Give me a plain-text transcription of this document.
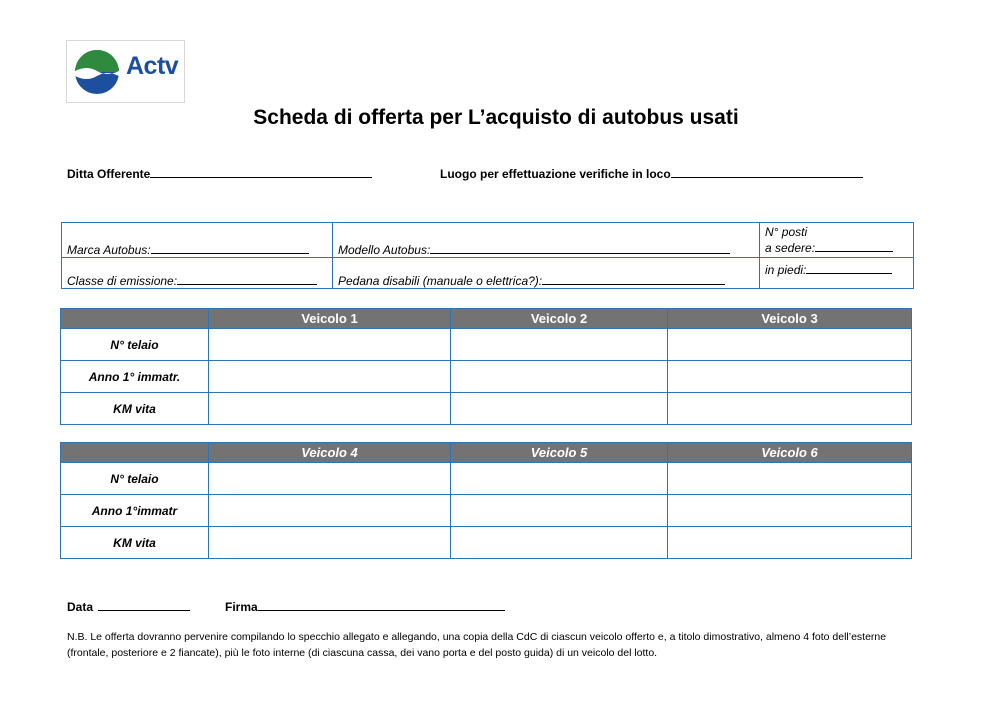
Actv
Scheda di offerta per L’acquisto di autobus usati
Ditta Offerente	Luogo per effettuazione verifiche in loco
Marca Autobus:	Modello Autobus:	N° posti
a sedere:

Classe di emissione:	Pedana disabili (manuale o elettrica?):	in piedi:
	Veicolo 1	Veicolo 2	Veicolo 3
N° telaio			
Anno 1° immatr.			
KM vita			
	Veicolo 4	Veicolo 5	Veicolo 6
N° telaio			
Anno 1°immatr			
KM vita			
Data	Firma

N.B. Le offerta dovranno pervenire compilando lo specchio allegato e allegando, una copia della CdC di ciascun veicolo offerto e, a titolo dimostrativo, almeno 4 foto dell’esterne (frontale, posteriore e 2 fiancate), più le foto interne (di ciascuna cassa, dei vano porta e del posto guida) di un veicolo del lotto.
